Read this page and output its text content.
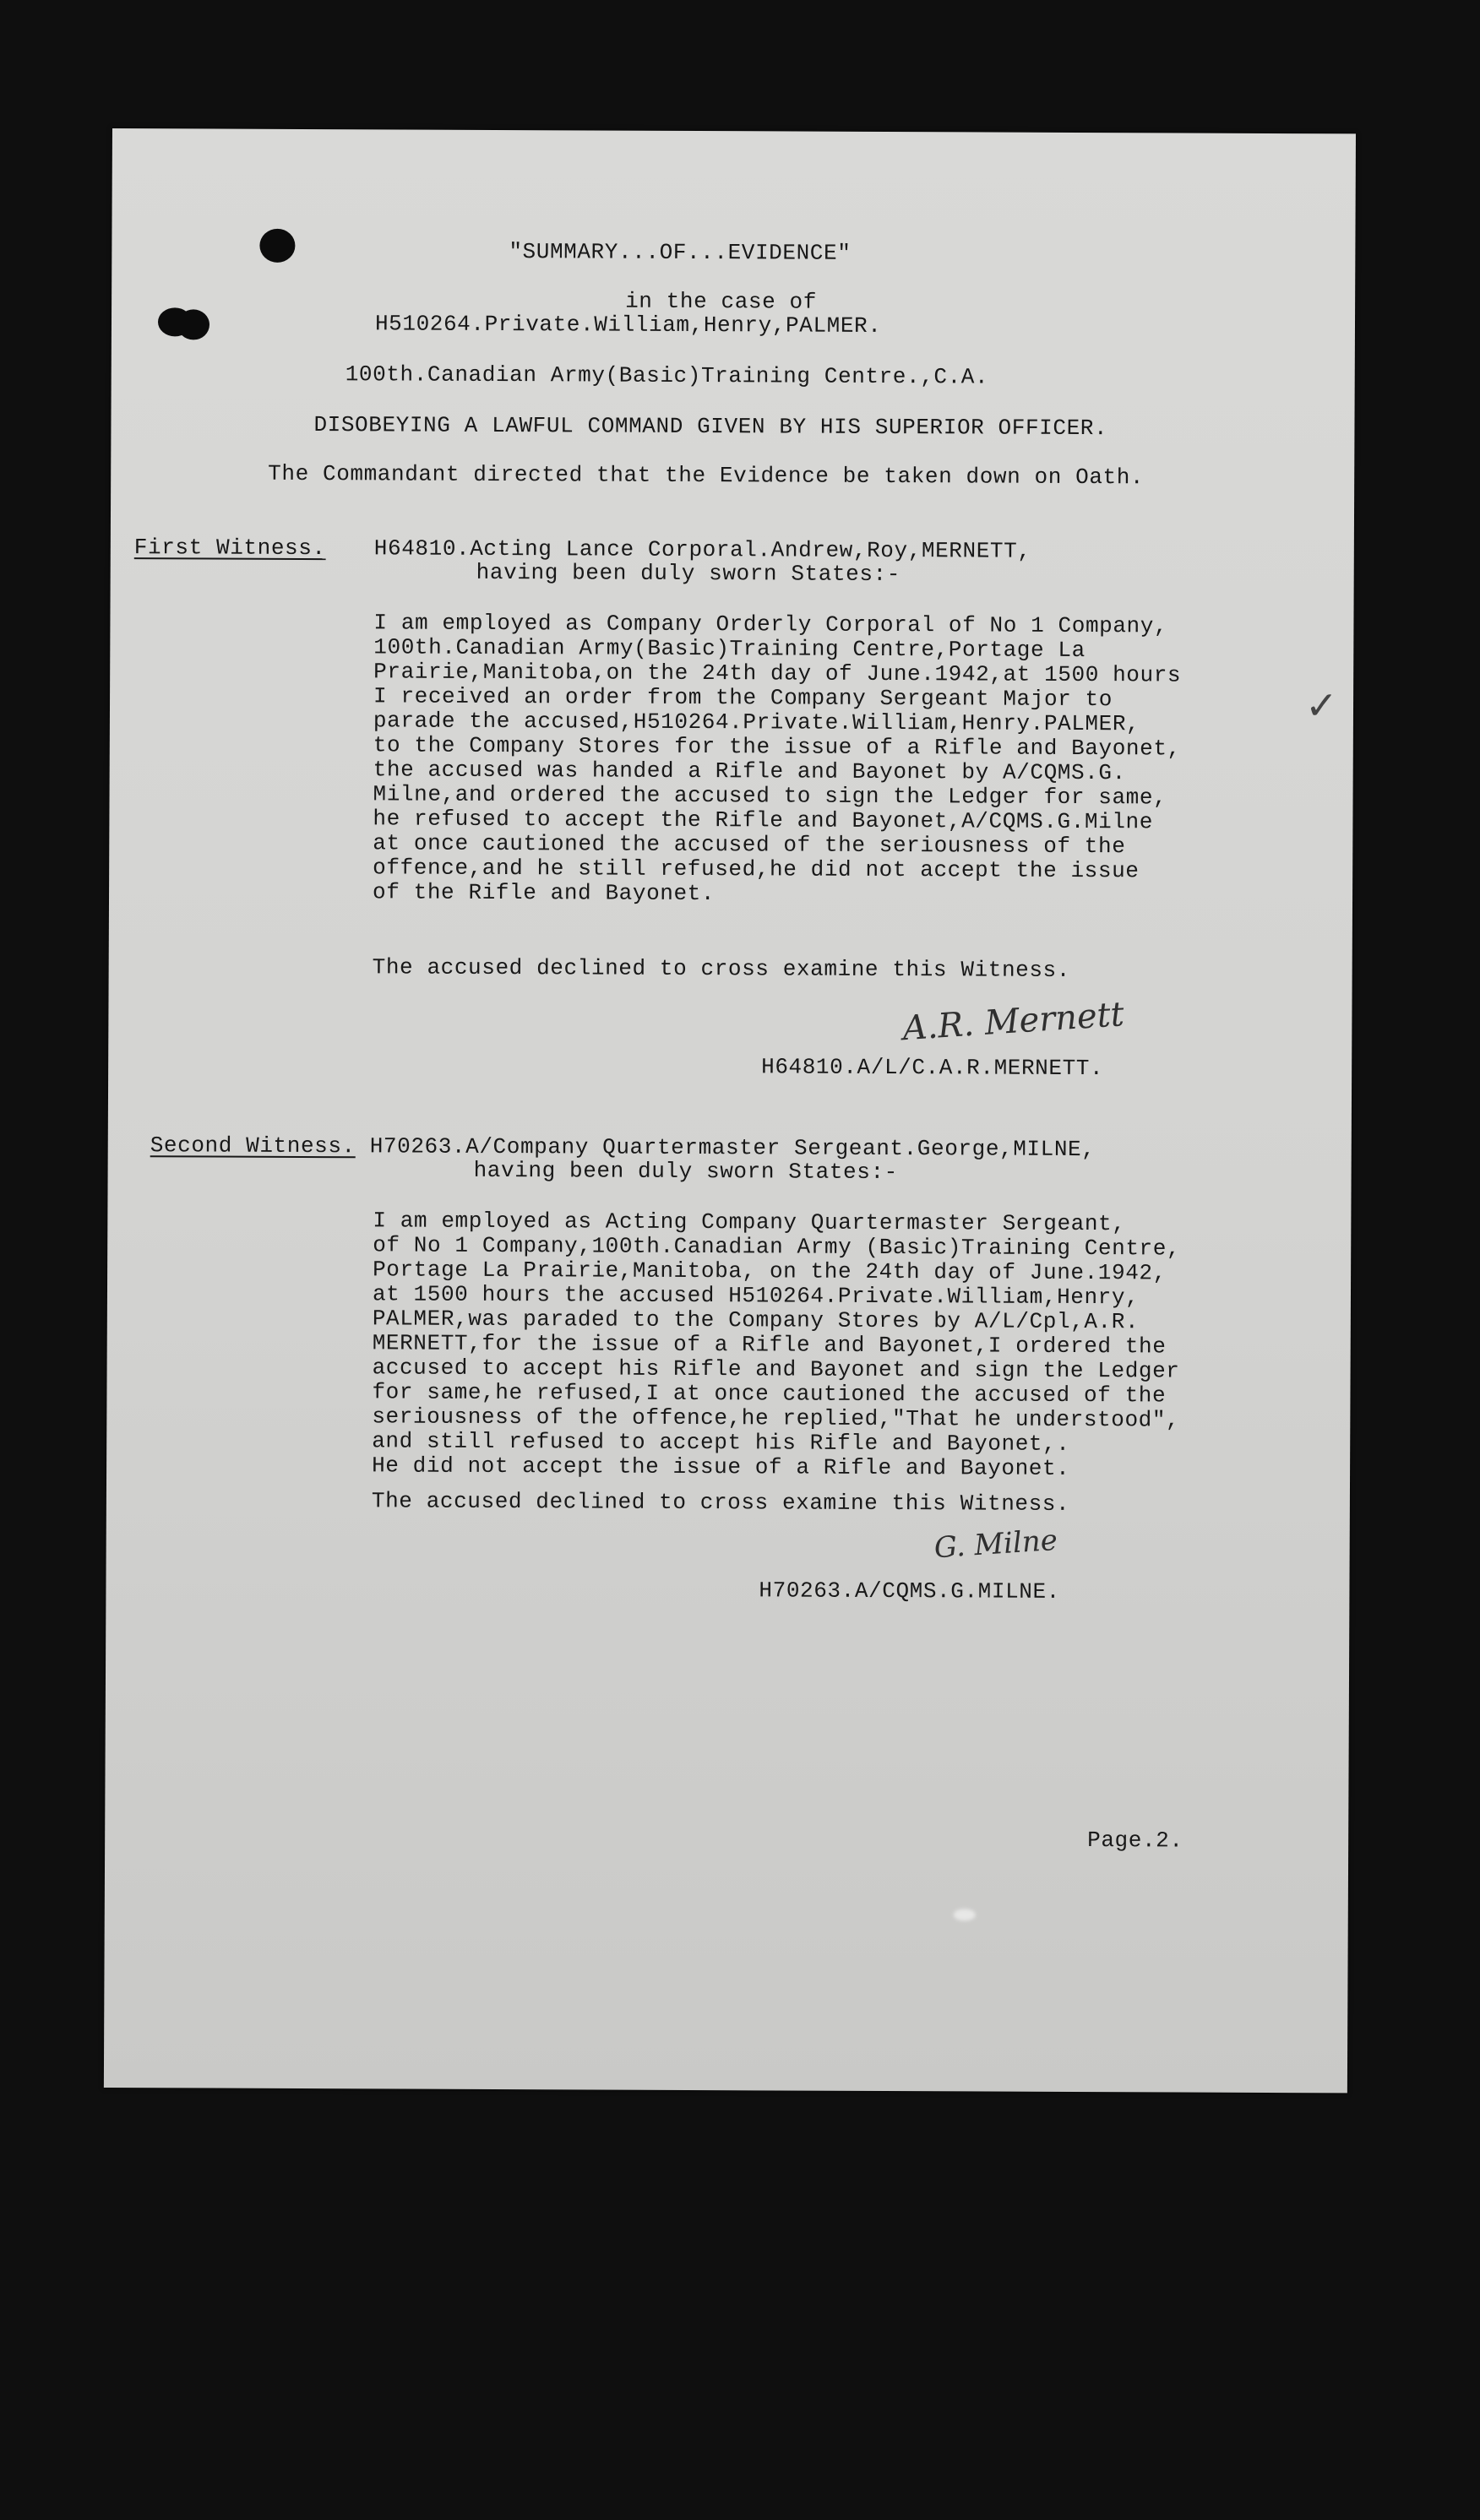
"SUMMARY...OF...EVIDENCE"
in the case of
H510264.Private.William,Henry,PALMER.
100th.Canadian Army(Basic)Training Centre.,C.A.
DISOBEYING A LAWFUL COMMAND GIVEN BY HIS SUPERIOR OFFICER.
The Commandant directed that the Evidence be taken down on Oath.
First Witness. H64810.Acting Lance Corporal.Andrew,Roy,MERNETT,
having been duly sworn States:-
I am employed as Company Orderly Corporal of No 1 Company,
100th.Canadian Army(Basic)Training Centre,Portage La
Prairie,Manitoba,on the 24th day of June.1942,at 1500 hours
I received an order from the Company Sergeant Major to
parade the accused,H510264.Private.William,Henry.PALMER,
to the Company Stores for the issue of a Rifle and Bayonet,
the accused was handed a Rifle and Bayonet by A/CQMS.G.
Milne,and ordered the accused to sign the Ledger for same,
he refused to accept the Rifle and Bayonet,A/CQMS.G.Milne
at once cautioned the accused of the seriousness of the
offence,and he still refused,he did not accept the issue
of the Rifle and Bayonet.
✓
The accused declined to cross examine this Witness.
A.R. Mernett
H64810.A/L/C.A.R.MERNETT.
Second Witness. H70263.A/Company Quartermaster Sergeant.George,MILNE,
having been duly sworn States:-
I am employed as Acting Company Quartermaster Sergeant,
of No 1 Company,100th.Canadian Army (Basic)Training Centre,
Portage La Prairie,Manitoba, on the 24th day of June.1942,
at 1500 hours the accused H510264.Private.William,Henry,
PALMER,was paraded to the Company Stores by A/L/Cpl,A.R.
MERNETT,for the issue of a Rifle and Bayonet,I ordered the
accused to accept his Rifle and Bayonet and sign the Ledger
for same,he refused,I at once cautioned the accused of the
seriousness of the offence,he replied,"That he understood",
and still refused to accept his Rifle and Bayonet,.
He did not accept the issue of a Rifle and Bayonet.
The accused declined to cross examine this Witness.
G. Milne
H70263.A/CQMS.G.MILNE.
Page.2.
